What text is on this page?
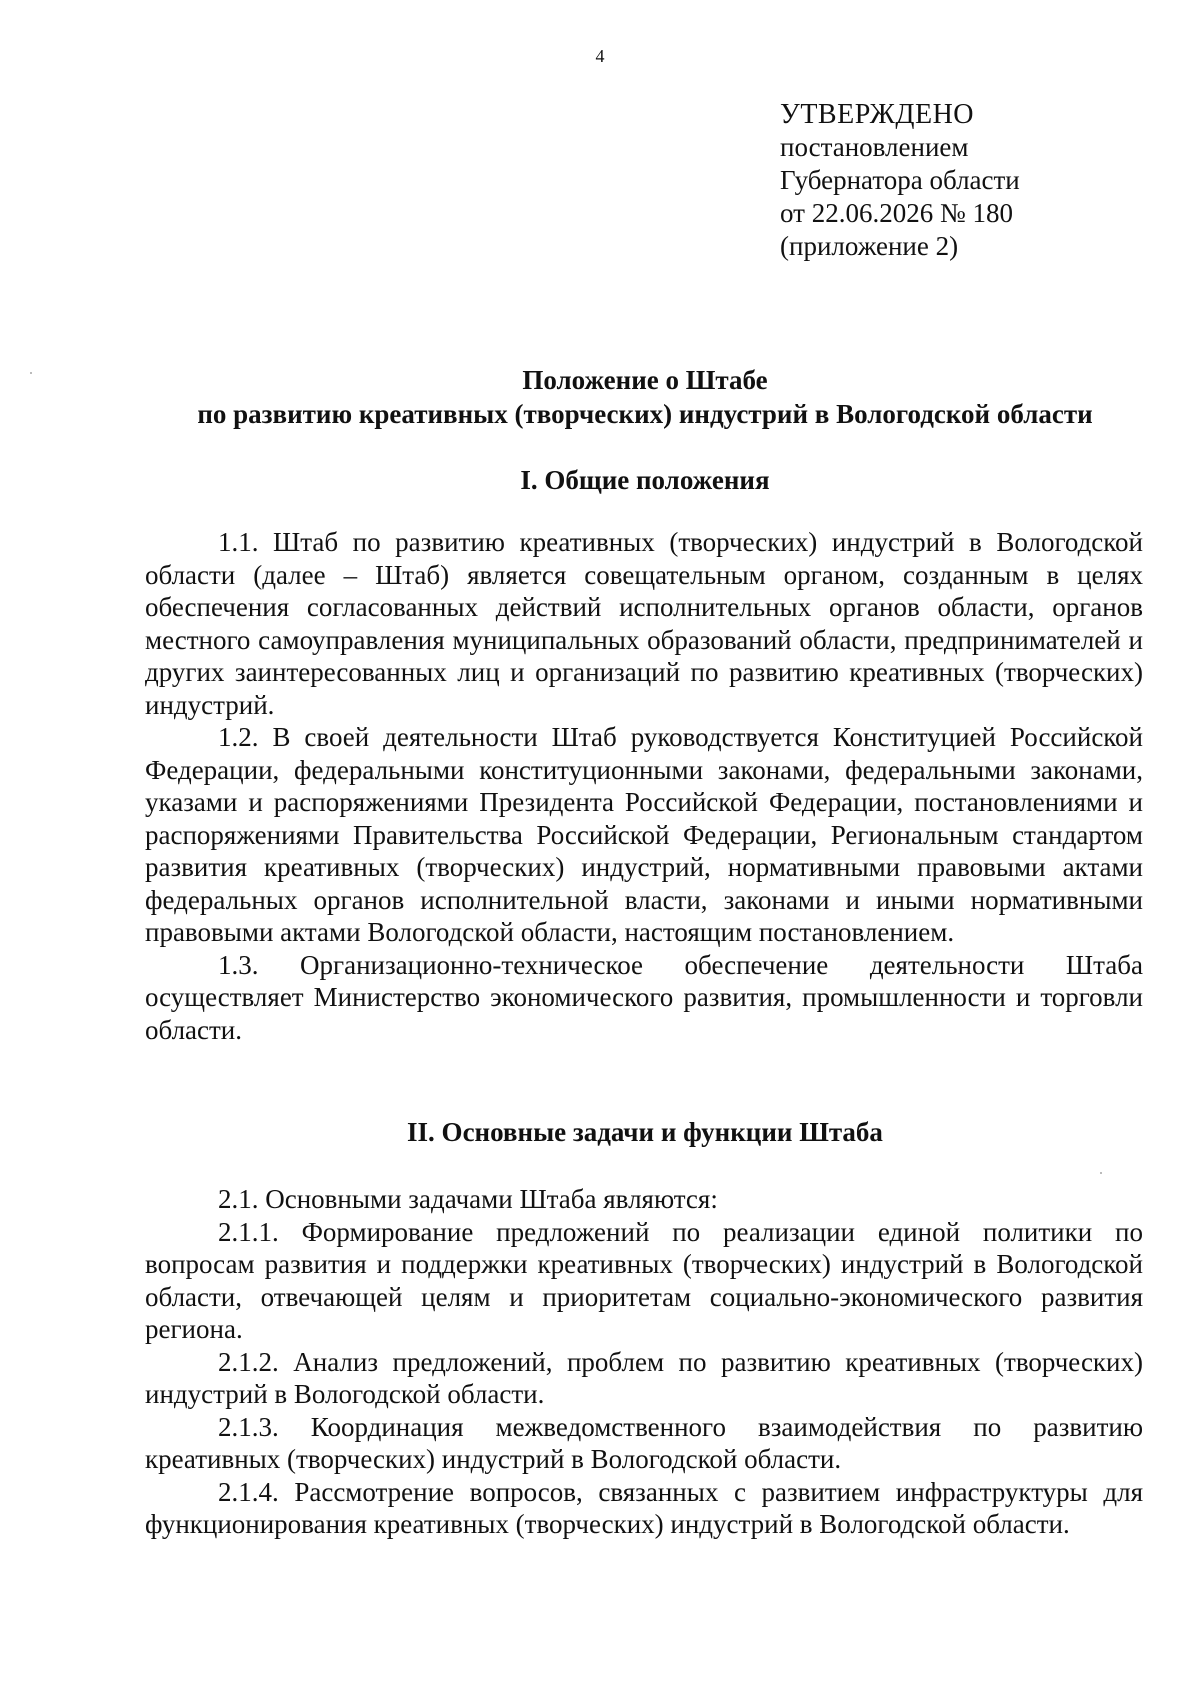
4
УТВЕРЖДЕНО
постановлением
Губернатора области
от 22.06.2026 № 180
(приложение 2)
Положение о Штабе
по развитию креативных (творческих) индустрий в Вологодской области
I. Общие положения

1.1. Штаб по развитию креативных (творческих) индустрий в Вологодской области (далее – Штаб) является совещательным органом, созданным в целях обеспечения согласованных действий исполнительных органов области, органов местного самоуправления муниципальных образований области, предпринимателей и других заинтересованных лиц и организаций по развитию креативных (творческих) индустрий.

1.2. В своей деятельности Штаб руководствуется Конституцией Российской Федерации, федеральными конституционными законами, федеральными законами, указами и распоряжениями Президента Российской Федерации, постановлениями и распоряжениями Правительства Российской Федерации, Региональным стандартом развития креативных (творческих) индустрий, нормативными правовыми актами федеральных органов исполнительной власти, законами и иными нормативными правовыми актами Вологодской области, настоящим постановлением.

1.3. Организационно-техническое обеспечение деятельности Штаба осуществляет Министерство экономического развития, промышленности и торговли области.

II. Основные задачи и функции Штаба

2.1. Основными задачами Штаба являются:

2.1.1. Формирование предложений по реализации единой политики по вопросам развития и поддержки креативных (творческих) индустрий в Вологодской области, отвечающей целям и приоритетам социально-экономического развития региона.

2.1.2. Анализ предложений, проблем по развитию креативных (творческих) индустрий в Вологодской области.

2.1.3. Координация межведомственного взаимодействия по развитию креативных (творческих) индустрий в Вологодской области.

2.1.4. Рассмотрение вопросов, связанных с развитием инфраструктуры для функционирования креативных (творческих) индустрий в Вологодской области.
